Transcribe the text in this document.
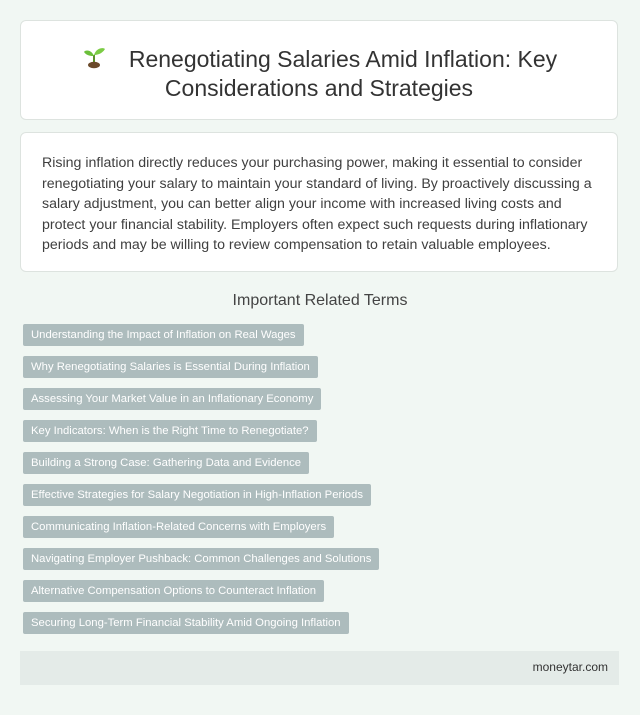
Renegotiating Salaries Amid Inflation: Key Considerations and Strategies

Rising inflation directly reduces your purchasing power, making it essential to consider renegotiating your salary to maintain your standard of living. By proactively discussing a salary adjustment, you can better align your income with increased living costs and protect your financial stability. Employers often expect such requests during inflationary periods and may be willing to review compensation to retain valuable employees.

Important Related Terms
Understanding the Impact of Inflation on Real Wages
Why Renegotiating Salaries is Essential During Inflation
Assessing Your Market Value in an Inflationary Economy
Key Indicators: When is the Right Time to Renegotiate?
Building a Strong Case: Gathering Data and Evidence
Effective Strategies for Salary Negotiation in High-Inflation Periods
Communicating Inflation-Related Concerns with Employers
Navigating Employer Pushback: Common Challenges and Solutions
Alternative Compensation Options to Counteract Inflation
Securing Long-Term Financial Stability Amid Ongoing Inflation
moneytar.com
